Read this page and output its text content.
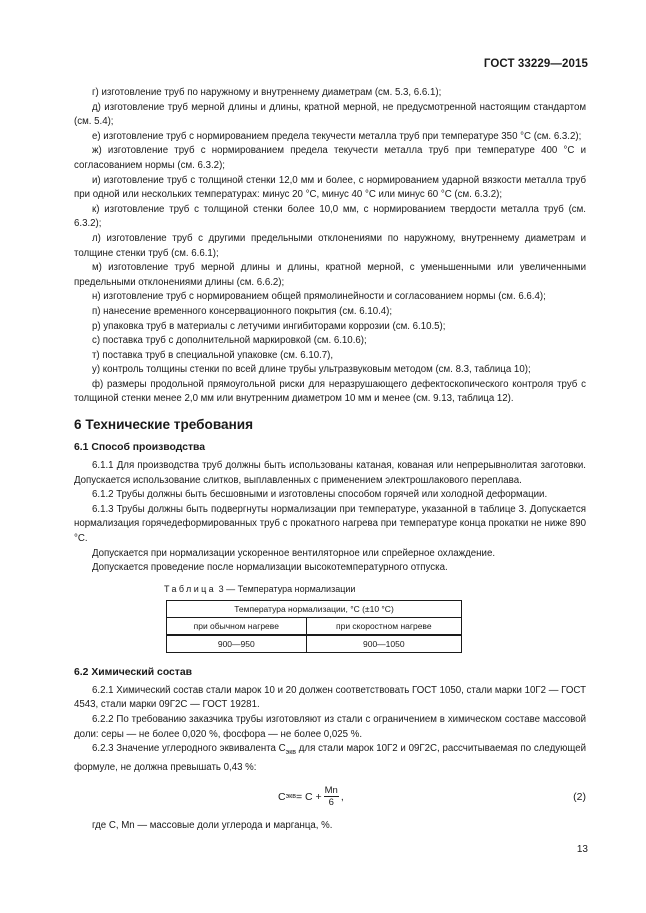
ГОСТ 33229—2015

г) изготовление труб по наружному и внутреннему диаметрам (см. 5.3, 6.6.1);

д) изготовление труб мерной длины и длины, кратной мерной, не предусмотренной настоящим стандартом (см. 5.4);

е) изготовление труб с нормированием предела текучести металла труб при температуре 350 °С (см. 6.3.2);

ж) изготовление труб с нормированием предела текучести металла труб при температуре 400 °С и согласованием нормы (см. 6.3.2);

и) изготовление труб с толщиной стенки 12,0 мм и более, с нормированием ударной вязкости металла труб при одной или нескольких температурах: минус 20 °С, минус 40 °С или минус 60 °С (см. 6.3.2);

к) изготовление труб с толщиной стенки более 10,0 мм, с нормированием твердости металла труб (см. 6.3.2);

л) изготовление труб с другими предельными отклонениями по наружному, внутреннему диаметрам и толщине стенки труб (см. 6.6.1);

м) изготовление труб мерной длины и длины, кратной мерной, с уменьшенными или увеличенными предельными отклонениями длины (см. 6.6.2);

н) изготовление труб с нормированием общей прямолинейности и согласованием нормы (см. 6.6.4);

п) нанесение временного консервационного покрытия (см. 6.10.4);

р) упаковка труб в материалы с летучими ингибиторами коррозии (см. 6.10.5);

с) поставка труб с дополнительной маркировкой (см. 6.10.6);

т) поставка труб в специальной упаковке (см. 6.10.7),

у) контроль толщины стенки по всей длине трубы ультразвуковым методом (см. 8.3, таблица 10);

ф) размеры продольной прямоугольной риски для неразрушающего дефектоскопического контроля труб с толщиной стенки менее 2,0 мм или внутренним диаметром 10 мм и менее (см. 9.13, таблица 12).

6 Технические требования
6.1 Способ производства

6.1.1 Для производства труб должны быть использованы катаная, кованая или непрерывнолитая заготовки. Допускается использование слитков, выплавленных с применением электрошлакового переплава.

6.1.2 Трубы должны быть бесшовными и изготовлены способом горячей или холодной деформации.

6.1.3 Трубы должны быть подвергнуты нормализации при температуре, указанной в таблице 3. Допускается нормализация горячедеформированных труб с прокатного нагрева при температуре конца прокатки не ниже 890 °С.

Допускается при нормализации ускоренное вентиляторное или спрейерное охлаждение.

Допускается проведение после нормализации высокотемпературного отпуска.

Таблица 3 — Температура нормализации
Температура нормализации, °С (±10 °С)	
при обычном нагреве	при скоростном нагреве
900—950	900—1050
6.2 Химический состав

6.2.1 Химический состав стали марок 10 и 20 должен соответствовать ГОСТ 1050, стали марки 10Г2 — ГОСТ 4543, стали марки 09Г2С — ГОСТ 19281.

6.2.2 По требованию заказчика трубы изготовляют из стали с ограничением в химическом составе массовой доли: серы — не более 0,020 %, фосфора — не более 0,025 %.

6.2.3 Значение углеродного эквивалента $С_{экв}$ для стали марок 10Г2 и 09Г2С, рассчитываемая по следующей формуле, не должна превышать 0,43 %:

С экв = $С + \frac{Mn}{6}$ ,	(2)

где С, Mn — массовые доли углерода и марганца, %.

13
